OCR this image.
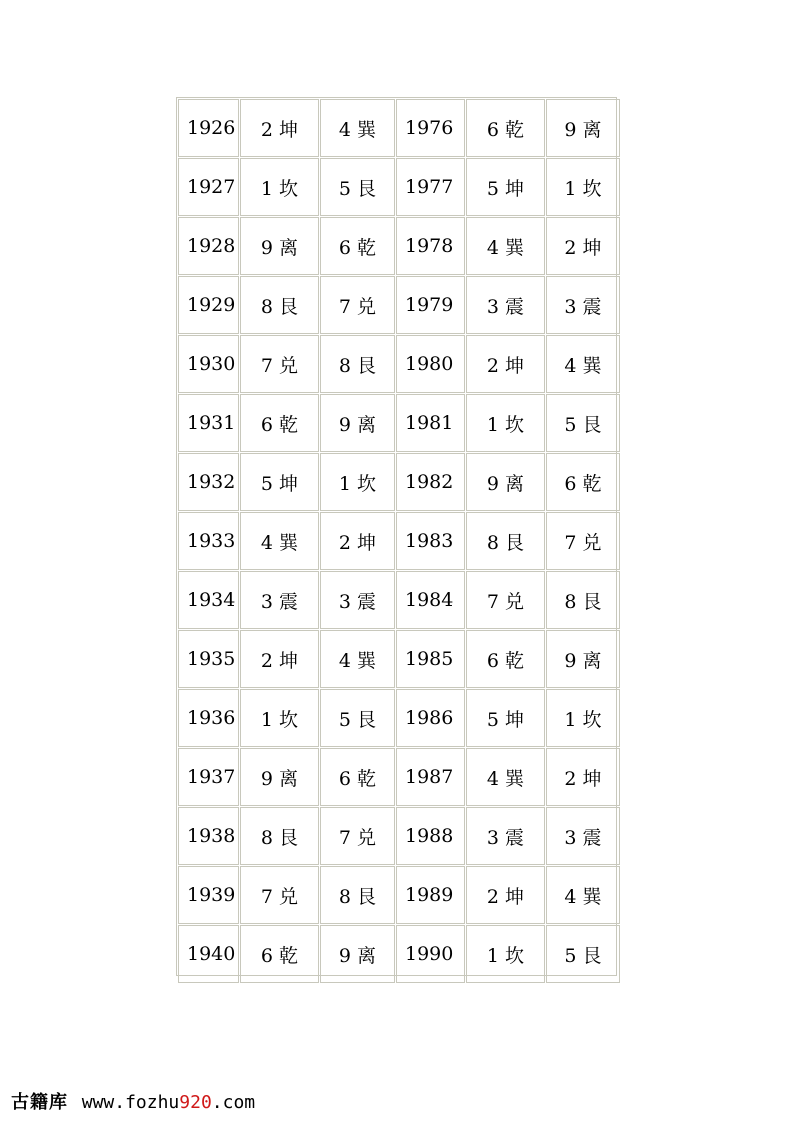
1926	2 坤	4 巽	1976	6 乾	9 离
1927	1 坎	5 艮	1977	5 坤	1 坎
1928	9 离	6 乾	1978	4 巽	2 坤
1929	8 艮	7 兑	1979	3 震	3 震
1930	7 兑	8 艮	1980	2 坤	4 巽
1931	6 乾	9 离	1981	1 坎	5 艮
1932	5 坤	1 坎	1982	9 离	6 乾
1933	4 巽	2 坤	1983	8 艮	7 兑
1934	3 震	3 震	1984	7 兑	8 艮
1935	2 坤	4 巽	1985	6 乾	9 离
1936	1 坎	5 艮	1986	5 坤	1 坎
1937	9 离	6 乾	1987	4 巽	2 坤
1938	8 艮	7 兑	1988	3 震	3 震
1939	7 兑	8 艮	1989	2 坤	4 巽
1940	6 乾	9 离	1990	1 坎	5 艮
古籍库 www.fozhu920.com
